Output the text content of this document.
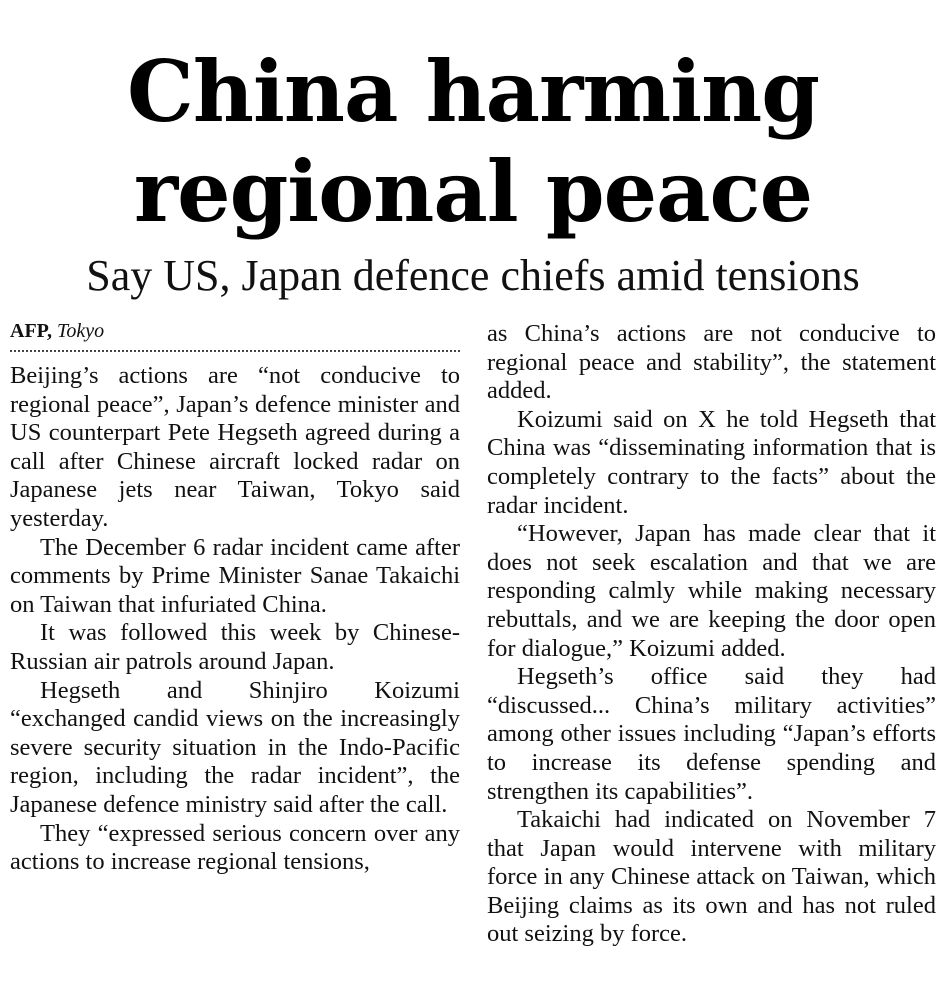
China harming
regional peace
Say US, Japan defence chiefs amid tensions
AFP, Tokyo

Beijing’s actions are “not conducive to regional peace”, Japan’s defence minister and US counterpart Pete Hegseth agreed during a call after Chinese aircraft locked radar on Japanese jets near Taiwan, Tokyo said yesterday.

The December 6 radar incident came after comments by Prime Minister Sanae Takaichi on Taiwan that infuriated China.

It was followed this week by Chinese-Russian air patrols around Japan.

Hegseth and Shinjiro Koizumi “exchanged candid views on the increasingly severe security situation in the Indo-Pacific region, including the radar incident”, the Japanese defence ministry said after the call.

They “expressed serious concern over any actions to increase regional tensions,

as China’s actions are not conducive to regional peace and stability”, the statement added.

Koizumi said on X he told Hegseth that China was “disseminating information that is completely contrary to the facts” about the radar incident.

“However, Japan has made clear that it does not seek escalation and that we are responding calmly while making necessary rebuttals, and we are keeping the door open for dialogue,” Koizumi added.

Hegseth’s office said they had “discussed... China’s military activities” among other issues including “Japan’s efforts to increase its defense spending and strengthen its capabilities”.

Takaichi had indicated on November 7 that Japan would intervene with military force in any Chinese attack on Taiwan, which Beijing claims as its own and has not ruled out seizing by force.
